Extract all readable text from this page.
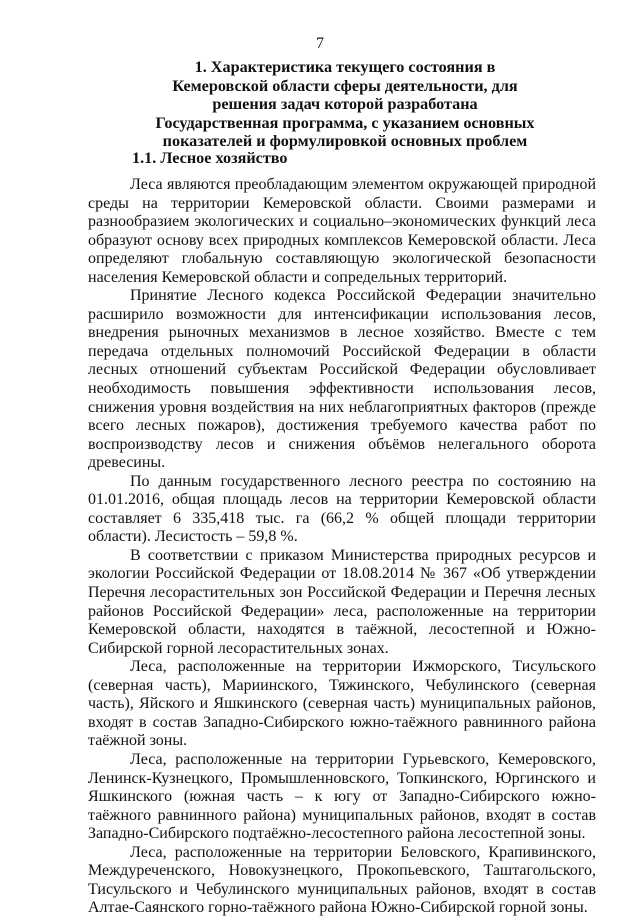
7
1. Характеристика текущего состояния в Кемеровской области сферы деятельности, для решения задач которой разработана Государственная программа, с указанием основных показателей и формулировкой основных проблем
1.1. Лесное хозяйство

Леса являются преобладающим элементом окружающей природной среды на территории Кемеровской области. Своими размерами и разнообразием экологических и социально–экономических функций леса образуют основу всех природных комплексов Кемеровской области. Леса определяют глобальную составляющую экологической безопасности населения Кемеровской области и сопредельных территорий.

Принятие Лесного кодекса Российской Федерации значительно расширило возможности для интенсификации использования лесов, внедрения рыночных механизмов в лесное хозяйство. Вместе с тем передача отдельных полномочий Российской Федерации в области лесных отношений субъектам Российской Федерации обусловливает необходимость повышения эффективности использования лесов, снижения уровня воздействия на них неблагоприятных факторов (прежде всего лесных пожаров), достижения требуемого качества работ по воспроизводству лесов и снижения объёмов нелегального оборота древесины.

По данным государственного лесного реестра по состоянию на 01.01.2016, общая площадь лесов на территории Кемеровской области составляет 6 335,418 тыс. га (66,2 % общей площади территории области). Лесистость – 59,8 %.

В соответствии с приказом Министерства природных ресурсов и экологии Российской Федерации от 18.08.2014 № 367 «Об утверждении Перечня лесорастительных зон Российской Федерации и Перечня лесных районов Российской Федерации» леса, расположенные на территории Кемеровской области, находятся в таёжной, лесостепной и Южно-Сибирской горной лесорастительных зонах.

Леса, расположенные на территории Ижморского, Тисульского (северная часть), Мариинского, Тяжинского, Чебулинского (северная часть), Яйского и Яшкинского (северная часть) муниципальных районов, входят в состав Западно-Сибирского южно-таёжного равнинного района таёжной зоны.

Леса, расположенные на территории Гурьевского, Кемеровского, Ленинск-Кузнецкого, Промышленновского, Топкинского, Юргинского и Яшкинского (южная часть – к югу от Западно-Сибирского южно-таёжного равнинного района) муниципальных районов, входят в состав Западно-Сибирского подтаёжно-лесостепного района лесостепной зоны.

Леса, расположенные на территории Беловского, Крапивинского, Междуреченского, Новокузнецкого, Прокопьевского, Таштагольского, Тисульского и Чебулинского муниципальных районов, входят в состав Алтае-Саянского горно-таёжного района Южно-Сибирской горной зоны.
